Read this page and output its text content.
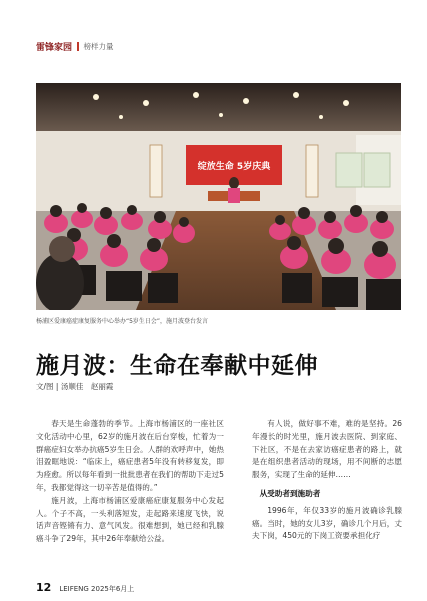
雷锋家园 榜样力量
绽放生命 5岁庆典
杨浦区爱康癌症康复服务中心举办“5岁生日会”，施月波登台发言
施月波：生命在奉献中延伸
文/图 | 汤顺佳　赵丽霞

春天是生命蓬勃的季节。上海市杨浦区的一座社区文化活动中心里，62岁的施月波在后台穿梭，忙着为一群癌症妇女举办抗癌5岁生日会。人群的欢呼声中，她热泪盈眶地说：“临床上，癌症患者5年没有转移复发，即为痊愈。所以每年看到一批批患者在我们的帮助下走过5年，我都觉得这一切辛苦是值得的。”

施月波，上海市杨浦区爱康癌症康复服务中心发起人。个子不高，一头利落短发，走起路来速度飞快，说话声音铿锵有力、意气风发。很难想到，她已经和乳腺癌斗争了29年，其中26年奉献给公益。

有人说，做好事不难，难的是坚持。26年漫长的时光里，施月波去医院、到家庭、下社区，不是在去家访癌症患者的路上，就是在组织患者活动的现场，用不间断的志愿服务，实现了生命的延伸……

从受助者到施助者

1996年，年仅33岁的施月波确诊乳腺癌。当时，她的女儿3岁，确诊几个月后，丈夫下岗，450元的下岗工资要承担化疗

12 LEIFENG 2025年6月上
